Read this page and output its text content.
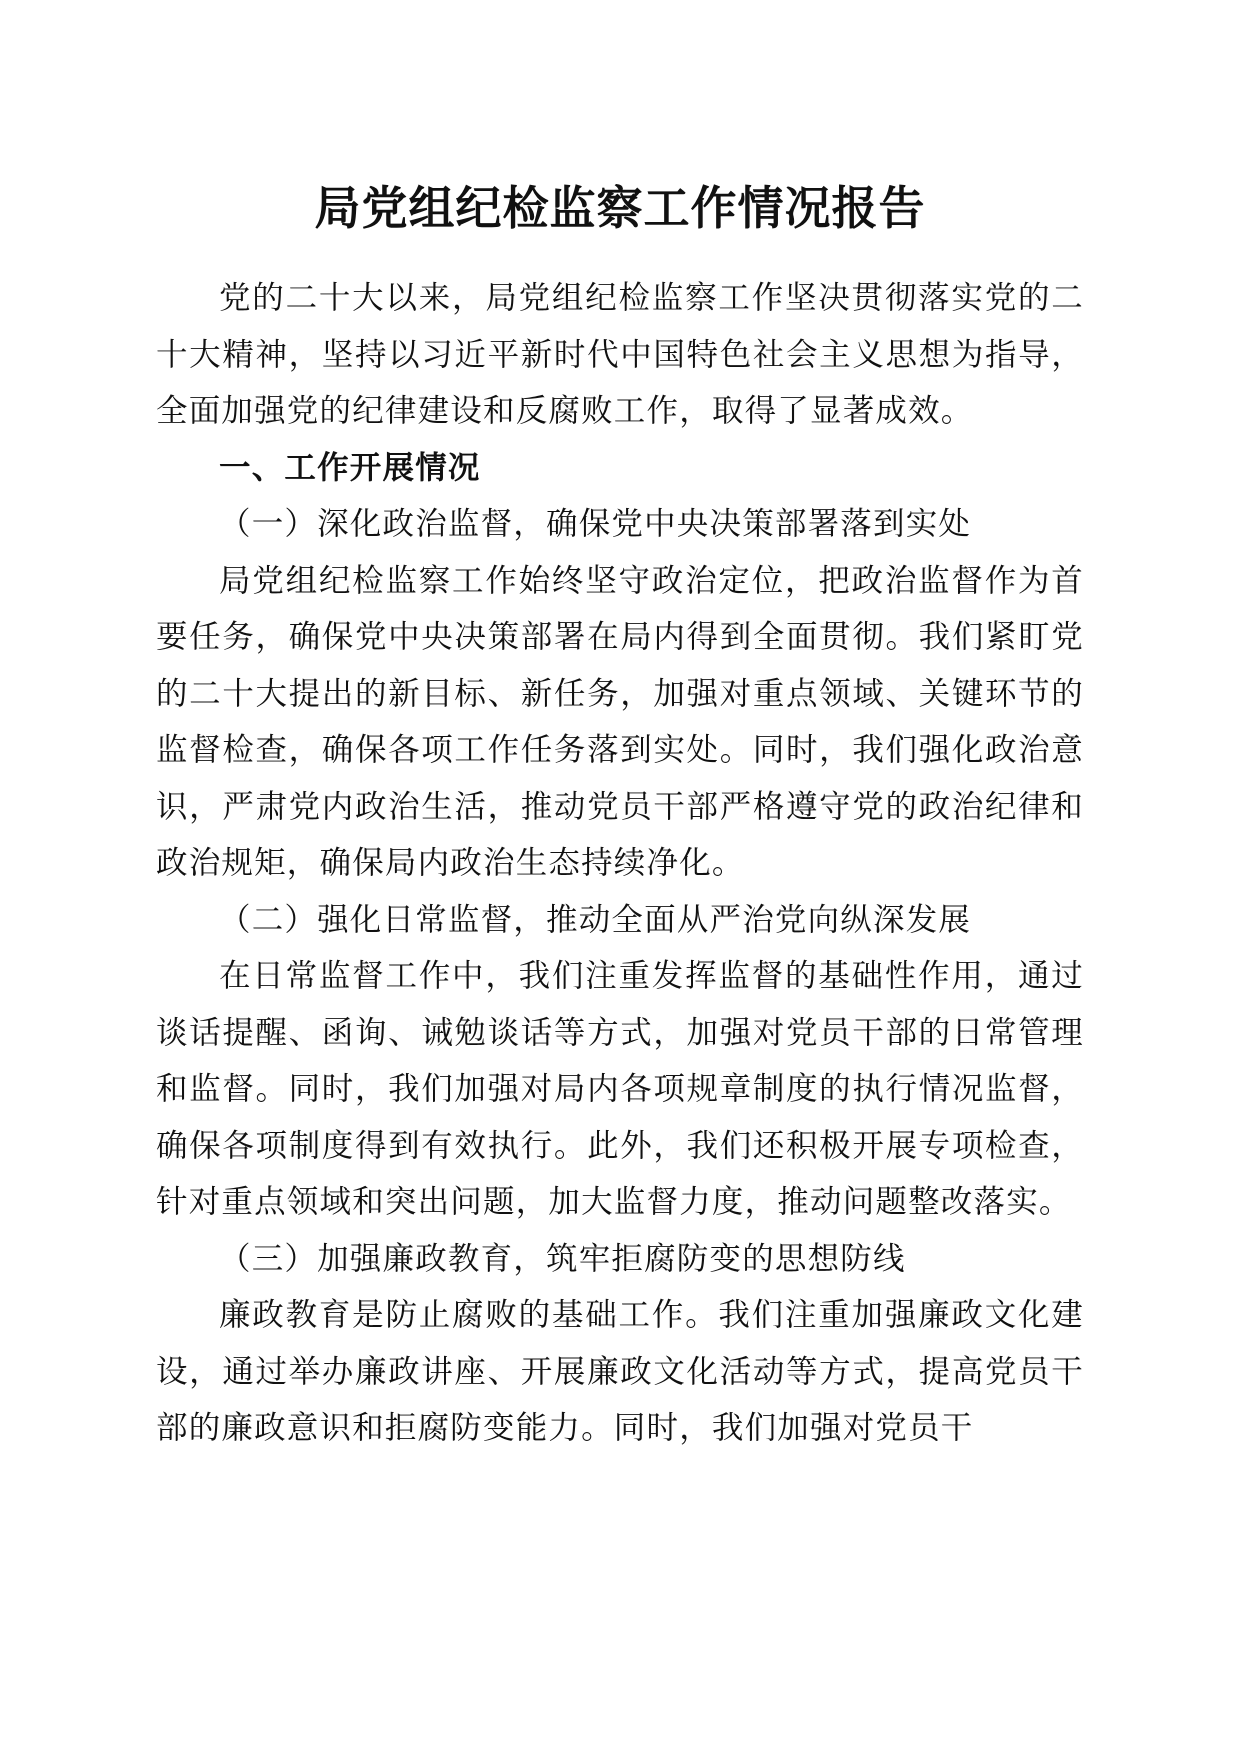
局党组纪检监察工作情况报告

党的二十大以来，局党组纪检监察工作坚决贯彻落实党的二十大精神，坚持以习近平新时代中国特色社会主义思想为指导，全面加强党的纪律建设和反腐败工作，取得了显著成效。

一、工作开展情况

（一）深化政治监督，确保党中央决策部署落到实处

局党组纪检监察工作始终坚守政治定位，把政治监督作为首要任务，确保党中央决策部署在局内得到全面贯彻。我们紧盯党的二十大提出的新目标、新任务，加强对重点领域、关键环节的监督检查，确保各项工作任务落到实处。同时，我们强化政治意识，严肃党内政治生活，推动党员干部严格遵守党的政治纪律和政治规矩，确保局内政治生态持续净化。

（二）强化日常监督，推动全面从严治党向纵深发展

在日常监督工作中，我们注重发挥监督的基础性作用，通过谈话提醒、函询、诫勉谈话等方式，加强对党员干部的日常管理和监督。同时，我们加强对局内各项规章制度的执行情况监督，确保各项制度得到有效执行。此外，我们还积极开展专项检查，针对重点领域和突出问题，加大监督力度，推动问题整改落实。

（三）加强廉政教育，筑牢拒腐防变的思想防线

廉政教育是防止腐败的基础工作。我们注重加强廉政文化建设，通过举办廉政讲座、开展廉政文化活动等方式，提高党员干部的廉政意识和拒腐防变能力。同时，我们加强对党员干
